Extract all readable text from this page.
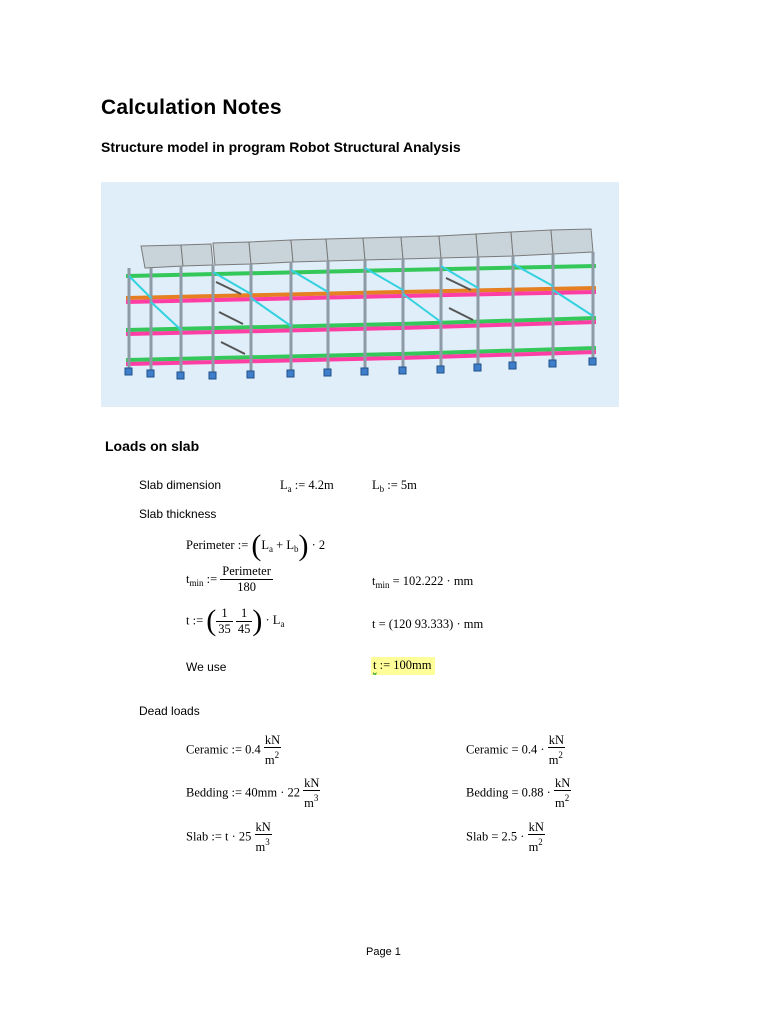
Calculation Notes
Structure model in program Robot Structural Analysis
Loads on slab
Slab dimension	$L_a$ := 4.2m	$L_b$ := 5m
Slab thickness
Perimeter := $(L_a + L_b) \cdot 2$
$t_{min}$ := $\frac{\text{Perimeter}}{180}$	$t_{min} = 102.222$ · mm
t := ( $\frac{1}{35}$
$\frac{1}{45}$ ) · $L_a$	t = (120 93.333) · mm
We use	t := 100mm
Dead loads
Ceramic := $0.4 \frac{kN}{m^2}$	Ceramic = $0.4 \cdot \frac{kN}{m^2}$
Bedding := $40mm \cdot 22 \frac{kN}{m^3}$	Bedding = $0.88 \cdot \frac{kN}{m^2}$
Slab := $t \cdot 25 \frac{kN}{m^3}$	Slab = $2.5 \cdot \frac{kN}{m^2}$
Page 1
